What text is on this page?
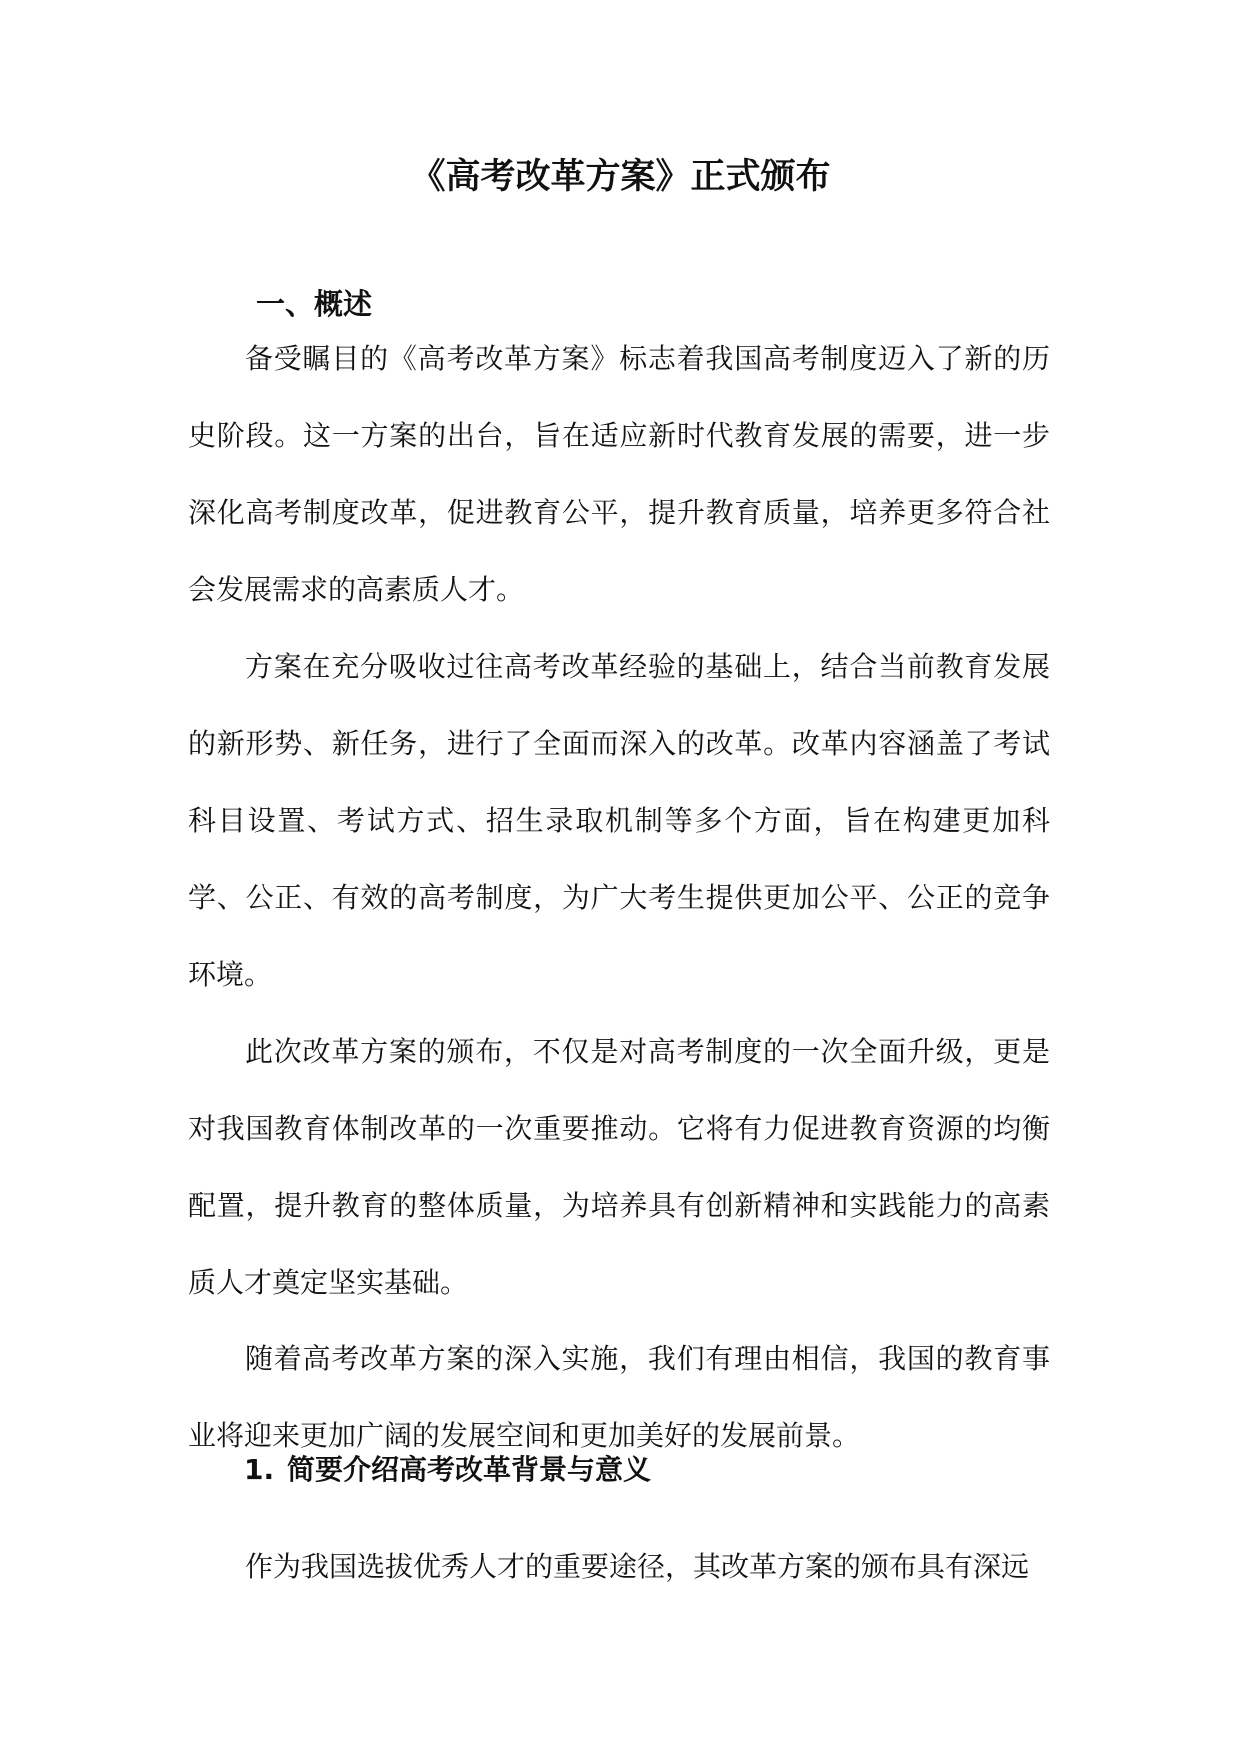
《高考改革方案》正式颁布
一、概述

备受瞩目的《高考改革方案》标志着我国高考制度迈入了新的历史阶段。这一方案的出台，旨在适应新时代教育发展的需要，进一步深化高考制度改革，促进教育公平，提升教育质量，培养更多符合社会发展需求的高素质人才。

方案在充分吸收过往高考改革经验的基础上，结合当前教育发展的新形势、新任务，进行了全面而深入的改革。改革内容涵盖了考试科目设置、考试方式、招生录取机制等多个方面，旨在构建更加科学、公正、有效的高考制度，为广大考生提供更加公平、公正的竞争环境。

此次改革方案的颁布，不仅是对高考制度的一次全面升级，更是对我国教育体制改革的一次重要推动。它将有力促进教育资源的均衡配置，提升教育的整体质量，为培养具有创新精神和实践能力的高素质人才奠定坚实基础。

随着高考改革方案的深入实施，我们有理由相信，我国的教育事业将迎来更加广阔的发展空间和更加美好的发展前景。

1. 简要介绍高考改革背景与意义

作为我国选拔优秀人才的重要途径，其改革方案的颁布具有深远
